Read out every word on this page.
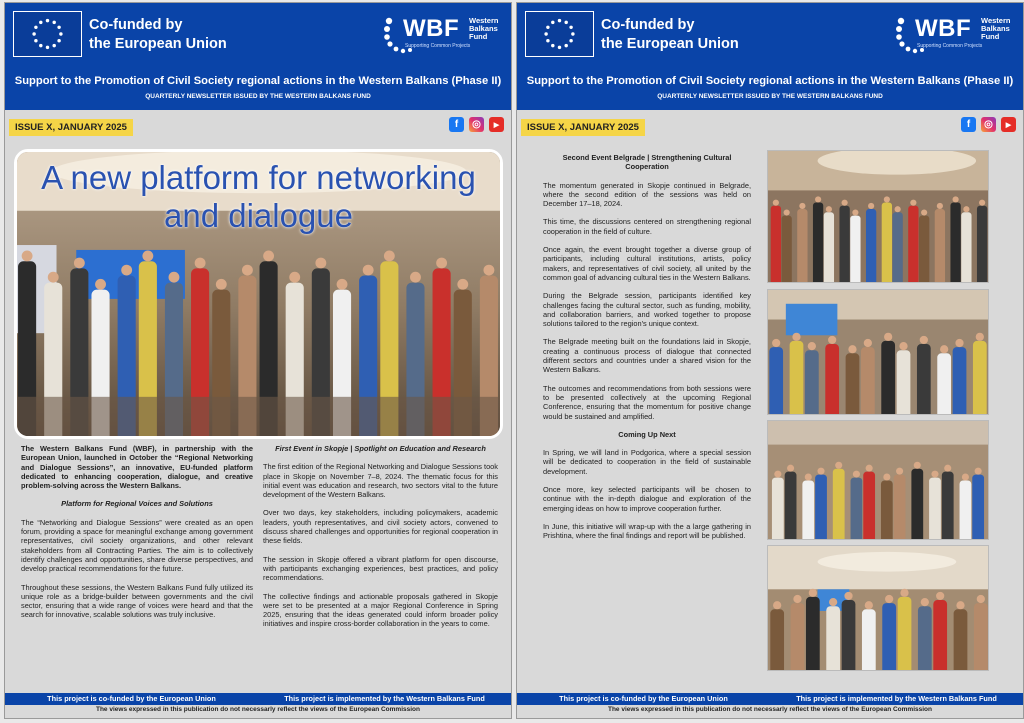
Co-funded by
the European Union
WBF Western
Balkans
Fund
Supporting Common Projects
Support to the Promotion of Civil Society regional actions in the Western Balkans (Phase II)
QUARTERLY NEWSLETTER ISSUED BY THE WESTERN BALKANS FUND
ISSUE X, JANUARY 2025	f	◎	▶
A new platform for networking
and dialogue

The Western Balkans Fund (WBF), in partnership with the European Union, launched in October the “Regional Networking and Dialogue Sessions”, an innovative, EU-funded platform dedicated to enhancing cooperation, dialogue, and creative problem-solving across the Western Balkans.

Platform for Regional Voices and Solutions

The “Networking and Dialogue Sessions” were created as an open forum, providing a space for meaningful exchange among government representatives, civil society organizations, and other relevant stakeholders from all Contracting Parties. The aim is to collectively identify challenges and opportunities, share diverse perspectives, and develop practical recommendations for the future.

Throughout these sessions, the Western Balkans Fund fully utilized its unique role as a bridge-builder between governments and the civil sector, ensuring that a wide range of voices were heard and that the search for innovative, scalable solutions was truly inclusive.

First Event in Skopje | Spotlight on Education and Research

The first edition of the Regional Networking and Dialogue Sessions took place in Skopje on November 7–8, 2024. The thematic focus for this initial event was education and research, two sectors vital to the future development of the Western Balkans.

Over two days, key stakeholders, including policymakers, academic leaders, youth representatives, and civil society actors, convened to discuss shared challenges and opportunities for regional cooperation in these fields.

The session in Skopje offered a vibrant platform for open discourse, with participants exchanging experiences, best practices, and policy recommendations.

The collective findings and actionable proposals gathered in Skopje were set to be presented at a major Regional Conference in Spring 2025, ensuring that the ideas generated could inform broader policy initiatives and inspire cross-border collaboration in the years to come.

This project is co-funded by the European Union	This project is implemented by the Western Balkans Fund
The views expressed in this publication do not necessarly reflect the views of the European Commission
Co-funded by
the European Union
WBF Western
Balkans
Fund
Supporting Common Projects
Support to the Promotion of Civil Society regional actions in the Western Balkans (Phase II)
QUARTERLY NEWSLETTER ISSUED BY THE WESTERN BALKANS FUND
ISSUE X, JANUARY 2025	f	◎	▶

Second Event Belgrade | Strengthening Cultural Cooperation

The momentum generated in Skopje continued in Belgrade, where the second edition of the sessions was held on December 17–18, 2024.

This time, the discussions centered on strengthening regional cooperation in the field of culture.

Once again, the event brought together a diverse group of participants, including cultural institutions, artists, policy makers, and representatives of civil society, all united by the common goal of advancing cultural ties in the Western Balkans.

During the Belgrade session, participants identified key challenges facing the cultural sector, such as funding, mobility, and collaboration barriers, and worked together to propose solutions tailored to the region's unique context.

The Belgrade meeting built on the foundations laid in Skopje, creating a continuous process of dialogue that connected different sectors and countries under a shared vision for the Western Balkans.

The outcomes and recommendations from both sessions were to be presented collectively at the upcoming Regional Conference, ensuring that the momentum for positive change would be sustained and amplified.

Coming Up Next

In Spring, we will land in Podgorica, where a special session will be dedicated to cooperation in the field of sustainable development.

Once more, key selected participants will be chosen to continue with the in-depth dialogue and exploration of the emerging ideas on how to improve cooperation further.

In June, this initiative will wrap-up with the a large gathering in Prishtina, where the final findings and report will be published.

This project is co-funded by the European Union	This project is implemented by the Western Balkans Fund
The views expressed in this publication do not necessarly reflect the views of the European Commission
